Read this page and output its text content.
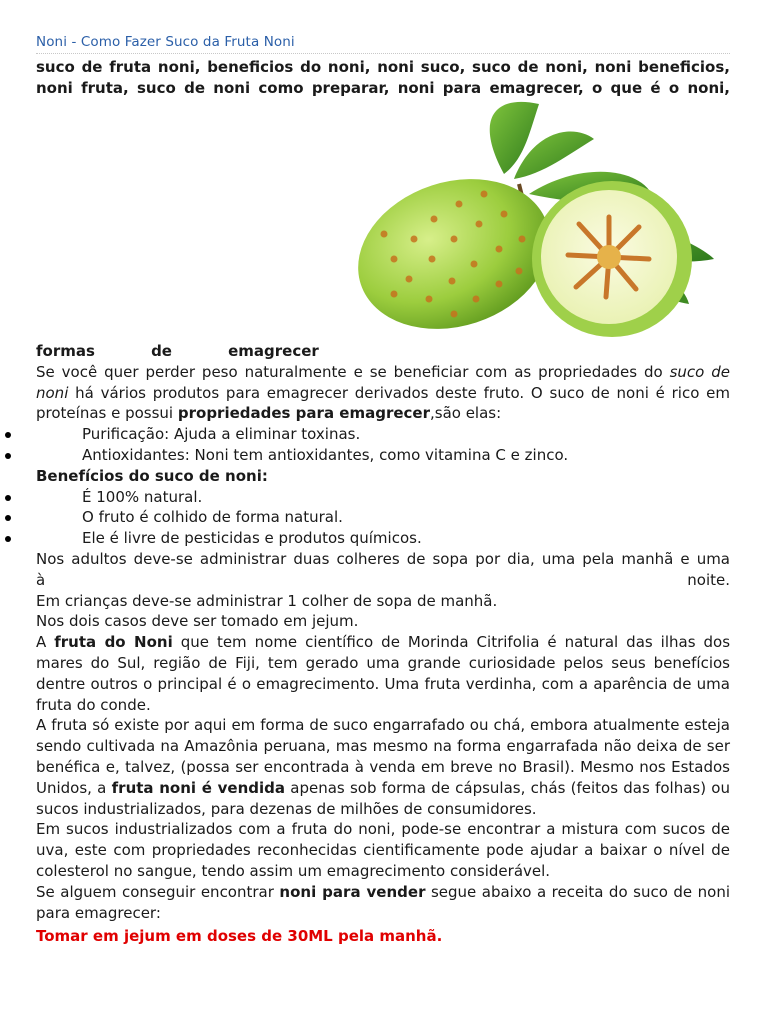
Noni - Como Fazer Suco da Fruta Noni
suco de fruta noni, beneficios do noni, noni suco, suco de noni, noni beneficios,
noni fruta, suco de noni como preparar, noni para emagrecer, o que é o noni,

formas	de	emagrecer

Se você quer perder peso naturalmente e se beneficiar com as propriedades do suco de noni há vários produtos para emagrecer derivados deste fruto. O suco de noni é rico em proteínas e possui propriedades para emagrecer,são elas:

Purificação: Ajuda a eliminar toxinas.
Antioxidantes: Noni tem antioxidantes, como vitamina C e zinco.

Benefícios do suco de noni:

É 100% natural.
O fruto é colhido de forma natural.
Ele é livre de pesticidas e produtos químicos.

Nos adultos deve-se administrar duas colheres de sopa por dia, uma pela manhã e uma

à	noite.

Em crianças deve-se administrar 1 colher de sopa de manhã.

Nos dois casos deve ser tomado em jejum.

A fruta do Noni que tem nome científico de Morinda Citrifolia é natural das ilhas dos mares do Sul, região de Fiji, tem gerado uma grande curiosidade pelos seus benefícios dentre outros o principal é o emagrecimento. Uma fruta verdinha, com a aparência de uma fruta do conde.

A fruta só existe por aqui em forma de suco engarrafado ou chá, embora atualmente esteja sendo cultivada na Amazônia peruana, mas mesmo na forma engarrafada não deixa de ser benéfica e, talvez, (possa ser encontrada à venda em breve no Brasil). Mesmo nos Estados Unidos, a fruta noni é vendida apenas sob forma de cápsulas, chás (feitos das folhas) ou sucos industrializados, para dezenas de milhões de consumidores.

Em sucos industrializados com a fruta do noni, pode-se encontrar a mistura com sucos de uva, este com propriedades reconhecidas cientificamente pode ajudar a baixar o nível de colesterol no sangue, tendo assim um emagrecimento considerável.

Se alguem conseguir encontrar noni para vender segue abaixo a receita do suco de noni para emagrecer:

Tomar em jejum em doses de 30ML pela manhã.
